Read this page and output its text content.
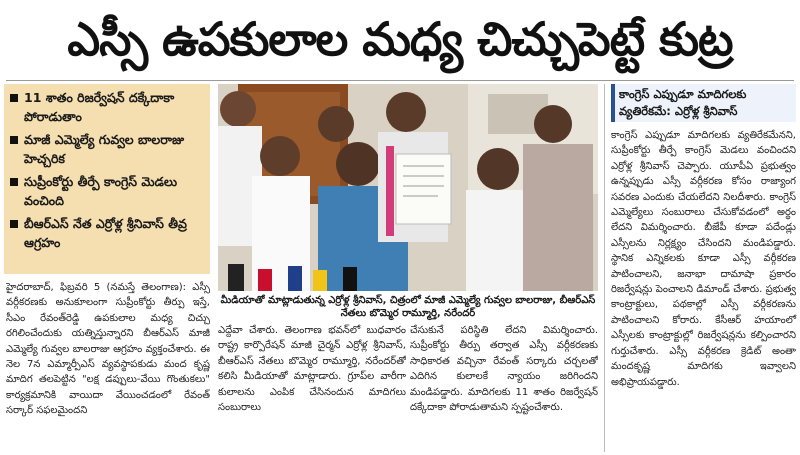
ఎస్సీ ఉపకులాల మధ్య చిచ్చుపెట్టే కుట్ర
11 శాతం రిజర్వేషన్ దక్కేదాకా పోరాడుతాం
మాజీ ఎమ్మెల్యే గువ్వల బాలరాజు హెచ్చరిక
సుప్రీంకోర్టు తీర్పే కాంగ్రెస్ మెడలు వంచింది
బీఆర్ఎస్ నేత ఎర్రోళ్ల శ్రీనివాస్ తీవ్ర ఆగ్రహం
మీడియాతో మాట్లాడుతున్న ఎర్రోళ్ల శ్రీనివాస్, చిత్రంలో మాజీ ఎమ్మెల్యే గువ్వల బాలరాజు, బీఆర్ఎస్ నేతలు బొమ్మెర రామ్మూర్తి, నరేందర్
హైదరాబాద్, ఫిబ్రవరి 5 (నమస్తే తెలంగాణ): ఎస్సీ వర్గీకరణకు అనుకూలంగా సుప్రీంకోర్టు తీర్పు ఇస్తే, సీఎం రేవంత్‌రెడ్డి ఉపకులాల మధ్య చిచ్చు రగిలించేందుకు యత్నిస్తున్నారని బీఆర్ఎస్ మాజీ ఎమ్మెల్యే గువ్వల బాలరాజు ఆగ్రహం వ్యక్తంచేశారు. ఈ నెల 7న ఎమ్మార్పీఎస్ వ్యవస్థాపకుడు మంద కృష్ణ మాదిగ తలపెట్టిన "లక్ష డప్పులు-వేయి గొంతుకలు" కార్యక్రమానికి వాయిదా వేయించడంలో రేవంత్ సర్కార్ సఫలమైందని
ఎద్దేవా చేశారు. తెలంగాణ భవన్‌లో బుధవారం రాష్ట్ర కార్పొరేషన్ మాజీ చైర్మన్ ఎర్రోళ్ల శ్రీనివాస్, బీఆర్ఎస్ నేతలు బొమ్మెర రామ్మూర్తి, నరేందర్‌తో కలిసి మీడియాతో మాట్లాడారు. గ్రూప్‌ల వారీగా కులాలను ఎంపిక చేసినందున మాదిగలు సంబురాలు
చేసుకునే పరిస్థితి లేదని విమర్శించారు. సుప్రీంకోర్టు తీర్పు తర్వాత ఎస్సీ వర్గీకరణకు సాధికారత వచ్చినా రేవంత్ సర్కారు చర్చలతో ఎదిగిన కులాలకే న్యాయం జరిగిందని మండిపడ్డారు. మాదిగలకు 11 శాతం రిజర్వేషన్ దక్కేదాకా పోరాడుతామని స్పష్టంచేశారు.
కాంగ్రెస్ ఎప్పుడూ మాదిగలకు వ్యతిరేకమే: ఎర్రోళ్ల శ్రీనివాస్
కాంగ్రెస్ ఎప్పుడూ మాదిగలకు వ్యతిరేకమేనని, సుప్రీంకోర్టు తీర్పే కాంగ్రెస్ మెడలు వంచిందని ఎర్రోళ్ల శ్రీనివాస్ చెప్పారు. యూపీఏ ప్రభుత్వం ఉన్నప్పుడు ఎస్సీ వర్గీకరణ కోసం రాజ్యాంగ సవరణ ఎందుకు చేయలేదని నిలదీశారు. కాంగ్రెస్ ఎమ్మెల్యేలు సంబురాలు చేసుకోవడంలో అర్థం లేదని విమర్శించారు. బీజేపీ కూడా పదేండ్లు ఎస్సీలను నిర్లక్ష్యం చేసిందని మండిపడ్డారు. స్థానిక ఎన్నికలకు కూడా ఎస్సీ వర్గీకరణ పాటించాలని, జనాభా దామాషా ప్రకారం రిజర్వేషన్లు పెంచాలని డిమాండ్ చేశారు. ప్రభుత్వ కాంట్రాక్టులు, పథకాల్లో ఎస్సీ వర్గీకరణను పాటించాలని కోరారు. కేసీఆర్ హయాంలో ఎస్సీలకు కాంట్రాక్టుల్లో రిజర్వేషన్లను కల్పించారని గుర్తుచేశారు. ఎస్సీ వర్గీకరణ క్రెడిట్ అంతా మందకృష్ణ మాదిగకు ఇవ్వాలని అభిప్రాయపడ్డారు.
